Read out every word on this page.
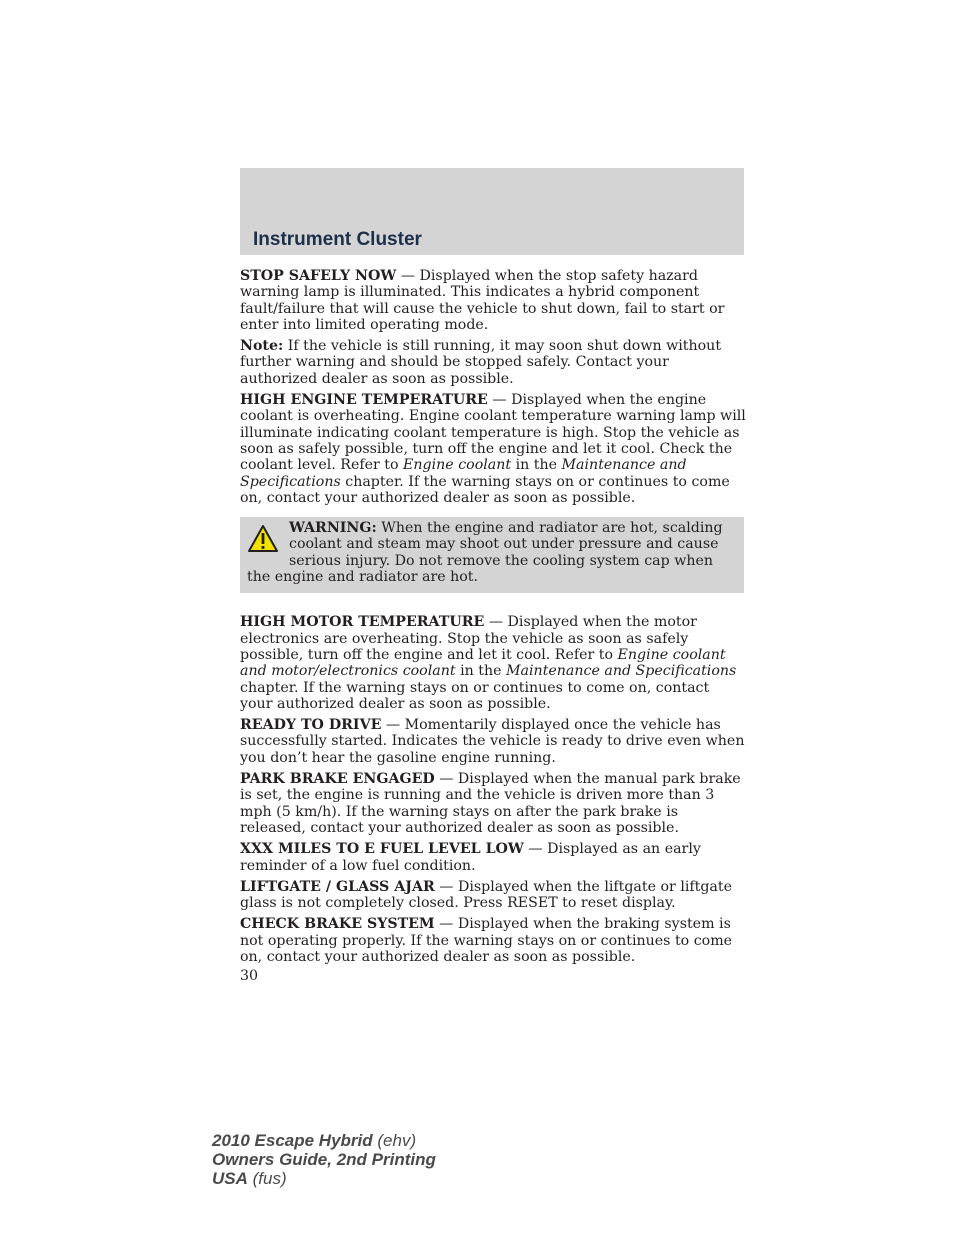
Instrument Cluster

STOP SAFELY NOW — Displayed when the stop safety hazard warning lamp is illuminated. This indicates a hybrid component fault/failure that will cause the vehicle to shut down, fail to start or enter into limited operating mode.

Note: If the vehicle is still running, it may soon shut down without further warning and should be stopped safely. Contact your authorized dealer as soon as possible.

HIGH ENGINE TEMPERATURE — Displayed when the engine coolant is overheating. Engine coolant temperature warning lamp will illuminate indicating coolant temperature is high. Stop the vehicle as soon as safely possible, turn off the engine and let it cool. Check the coolant level. Refer to Engine coolant in the Maintenance and Specifications chapter. If the warning stays on or continues to come on, contact your authorized dealer as soon as possible.

WARNING: When the engine and radiator are hot, scalding coolant and steam may shoot out under pressure and cause serious injury. Do not remove the cooling system cap when the engine and radiator are hot.

HIGH MOTOR TEMPERATURE — Displayed when the motor electronics are overheating. Stop the vehicle as soon as safely possible, turn off the engine and let it cool. Refer to Engine coolant and motor/electronics coolant in the Maintenance and Specifications chapter. If the warning stays on or continues to come on, contact your authorized dealer as soon as possible.

READY TO DRIVE — Momentarily displayed once the vehicle has successfully started. Indicates the vehicle is ready to drive even when you don’t hear the gasoline engine running.

PARK BRAKE ENGAGED — Displayed when the manual park brake is set, the engine is running and the vehicle is driven more than 3 mph (5 km/h). If the warning stays on after the park brake is released, contact your authorized dealer as soon as possible.

XXX MILES TO E FUEL LEVEL LOW — Displayed as an early reminder of a low fuel condition.

LIFTGATE / GLASS AJAR — Displayed when the liftgate or liftgate glass is not completely closed. Press RESET to reset display.

CHECK BRAKE SYSTEM — Displayed when the braking system is not operating properly. If the warning stays on or continues to come on, contact your authorized dealer as soon as possible.

30
2010 Escape Hybrid (ehv)
Owners Guide, 2nd Printing
USA (fus)
